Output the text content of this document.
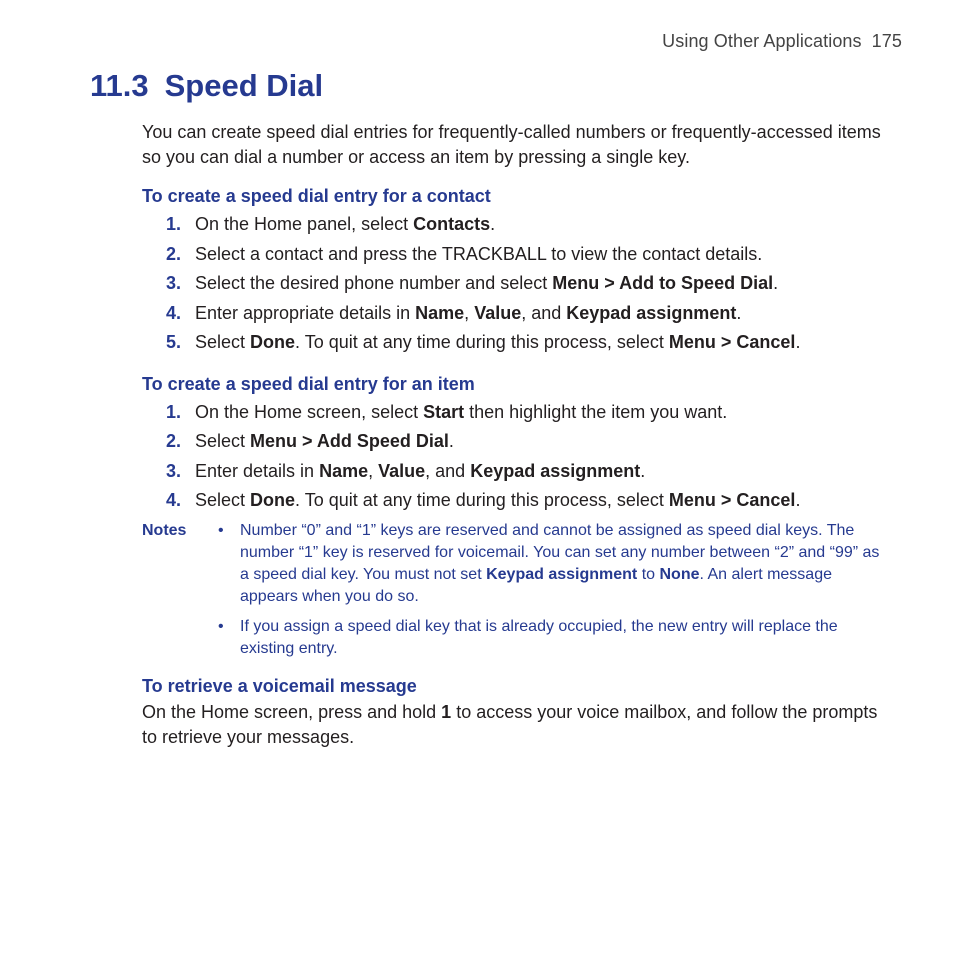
Using Other Applications 175
11.3 Speed Dial

You can create speed dial entries for frequently-called numbers or frequently-accessed items so you can dial a number or access an item by pressing a single key.

To create a speed dial entry for a contact
1. On the Home panel, select Contacts.
2. Select a contact and press the TRACKBALL to view the contact details.
3. Select the desired phone number and select Menu > Add to Speed Dial.
4. Enter appropriate details in Name, Value, and Keypad assignment.
5. Select Done. To quit at any time during this process, select Menu > Cancel.
To create a speed dial entry for an item
1. On the Home screen, select Start then highlight the item you want.
2. Select Menu > Add Speed Dial.
3. Enter details in Name, Value, and Keypad assignment.
4. Select Done. To quit at any time during this process, select Menu > Cancel.
Notes • Number “0” and “1” keys are reserved and cannot be assigned as speed dial keys. The number “1” key is reserved for voicemail. You can set any number between “2” and “99” as a speed dial key. You must not set Keypad assignment to None. An alert message appears when you do so.
• If you assign a speed dial key that is already occupied, the new entry will replace the existing entry.
To retrieve a voicemail message

On the Home screen, press and hold 1 to access your voice mailbox, and follow the prompts to retrieve your messages.
